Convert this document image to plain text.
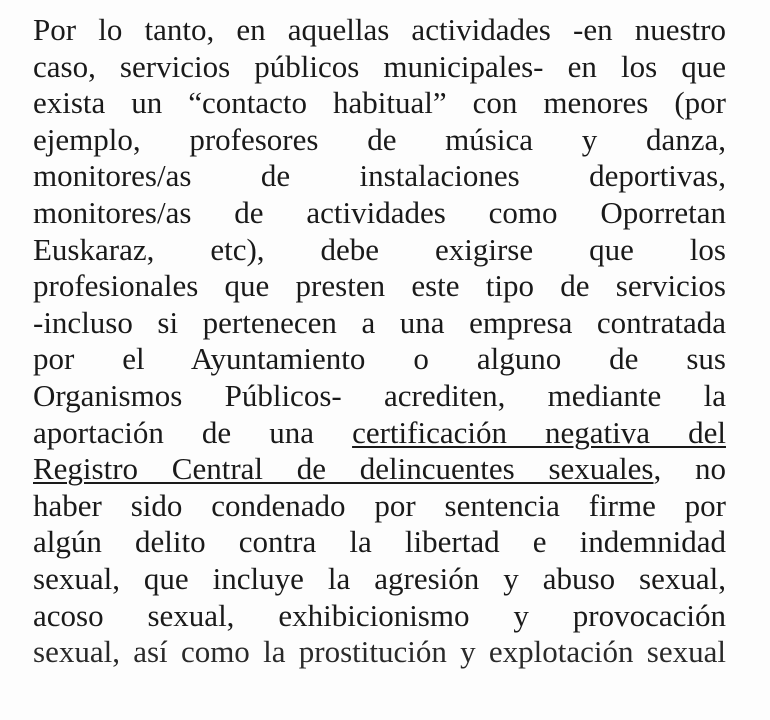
Por lo tanto, en aquellas actividades -en nuestro
caso, servicios públicos municipales- en los que
exista un “contacto habitual” con menores (por
ejemplo, profesores de música y danza,
monitores/as de instalaciones deportivas,
monitores/as de actividades como Oporretan
Euskaraz, etc), debe exigirse que los
profesionales que presten este tipo de servicios
-incluso si pertenecen a una empresa contratada
por el Ayuntamiento o alguno de sus
Organismos Públicos- acrediten, mediante la
aportación de una certificación negativa del
Registro Central de delincuentes sexuales, no
haber sido condenado por sentencia firme por
algún delito contra la libertad e indemnidad
sexual, que incluye la agresión y abuso sexual,
acoso sexual, exhibicionismo y provocación
sexual, así como la prostitución y explotación sexual
